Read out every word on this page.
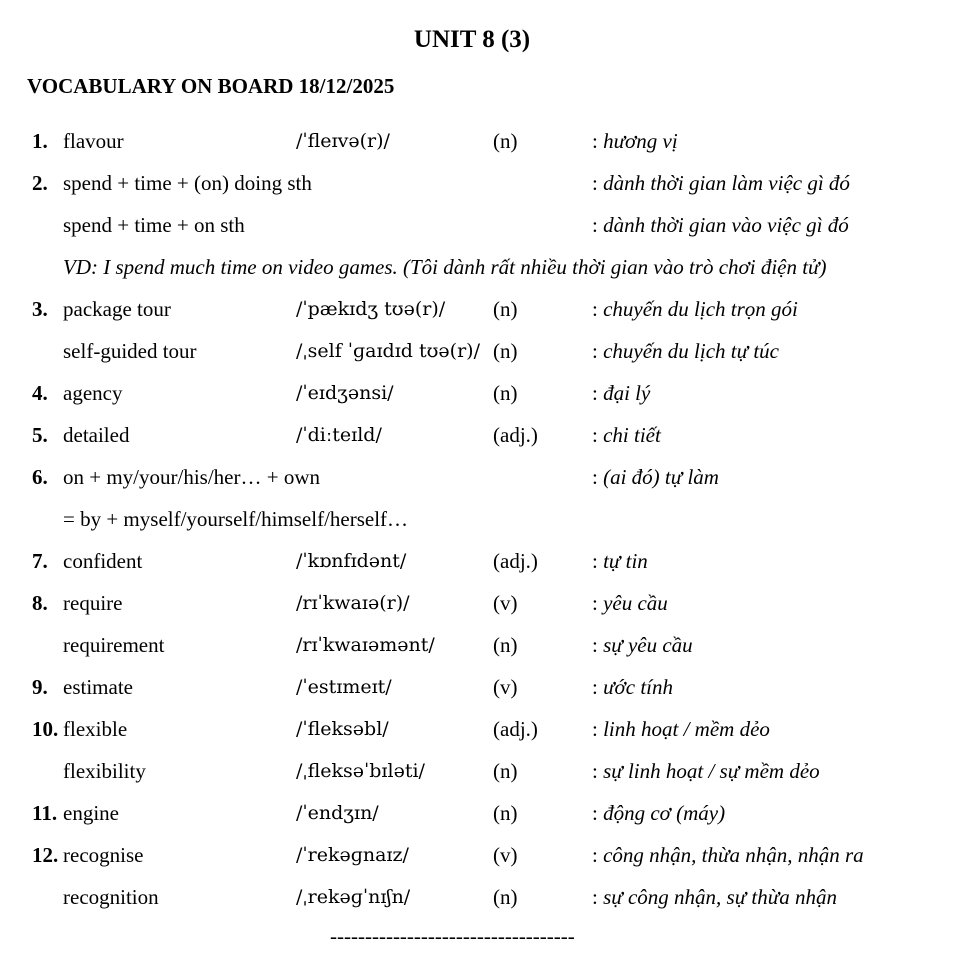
UNIT 8 (3)
VOCABULARY ON BOARD 18/12/2025
1. flavour	/ˈfleɪvə(r)/	(n)	: hương vị
2. spend + time + (on) doing sth	: dành thời gian làm việc gì đó
spend + time + on sth	: dành thời gian vào việc gì đó
3. package tour	/ˈpækɪdʒ tʊə(r)/ (n)	: chuyến du lịch trọn gói
self-guided tour	/ˌself ˈɡaɪdɪd tʊə(r)/ (n)	: chuyến du lịch tự túc
4. agency	/ˈeɪdʒənsi/	(n)	: đại lý
5. detailed	/ˈdiːteɪld/	(adj.)	: chi tiết
6. on + my/your/his/her… + own	: (ai đó) tự làm
= by + myself/yourself/himself/herself…
7. confident	/ˈkɒnfɪdənt/	(adj.)	: tự tin
8. require	/rɪˈkwaɪə(r)/	(v)	: yêu cầu
requirement	/rɪˈkwaɪəmənt/	(n)	: sự yêu cầu
9. estimate	/ˈestɪmeɪt/	(v)	: ước tính
10. flexible	/ˈfleksəbl/	(adj.)	: linh hoạt / mềm dẻo
flexibility	/ˌfleksəˈbɪləti/	(n)	: sự linh hoạt / sự mềm dẻo
11. engine	/ˈendʒɪn/	(n)	: động cơ (máy)
12. recognise	/ˈrekəɡnaɪz/	(v)	: công nhận, thừa nhận, nhận ra
recognition	/ˌrekəɡˈnɪʃn/	(n)	: sự công nhận, sự thừa nhận
VD: I spend much time on video games. (Tôi dành rất nhiều thời gian vào trò chơi điện tử)
-----------------------------------
